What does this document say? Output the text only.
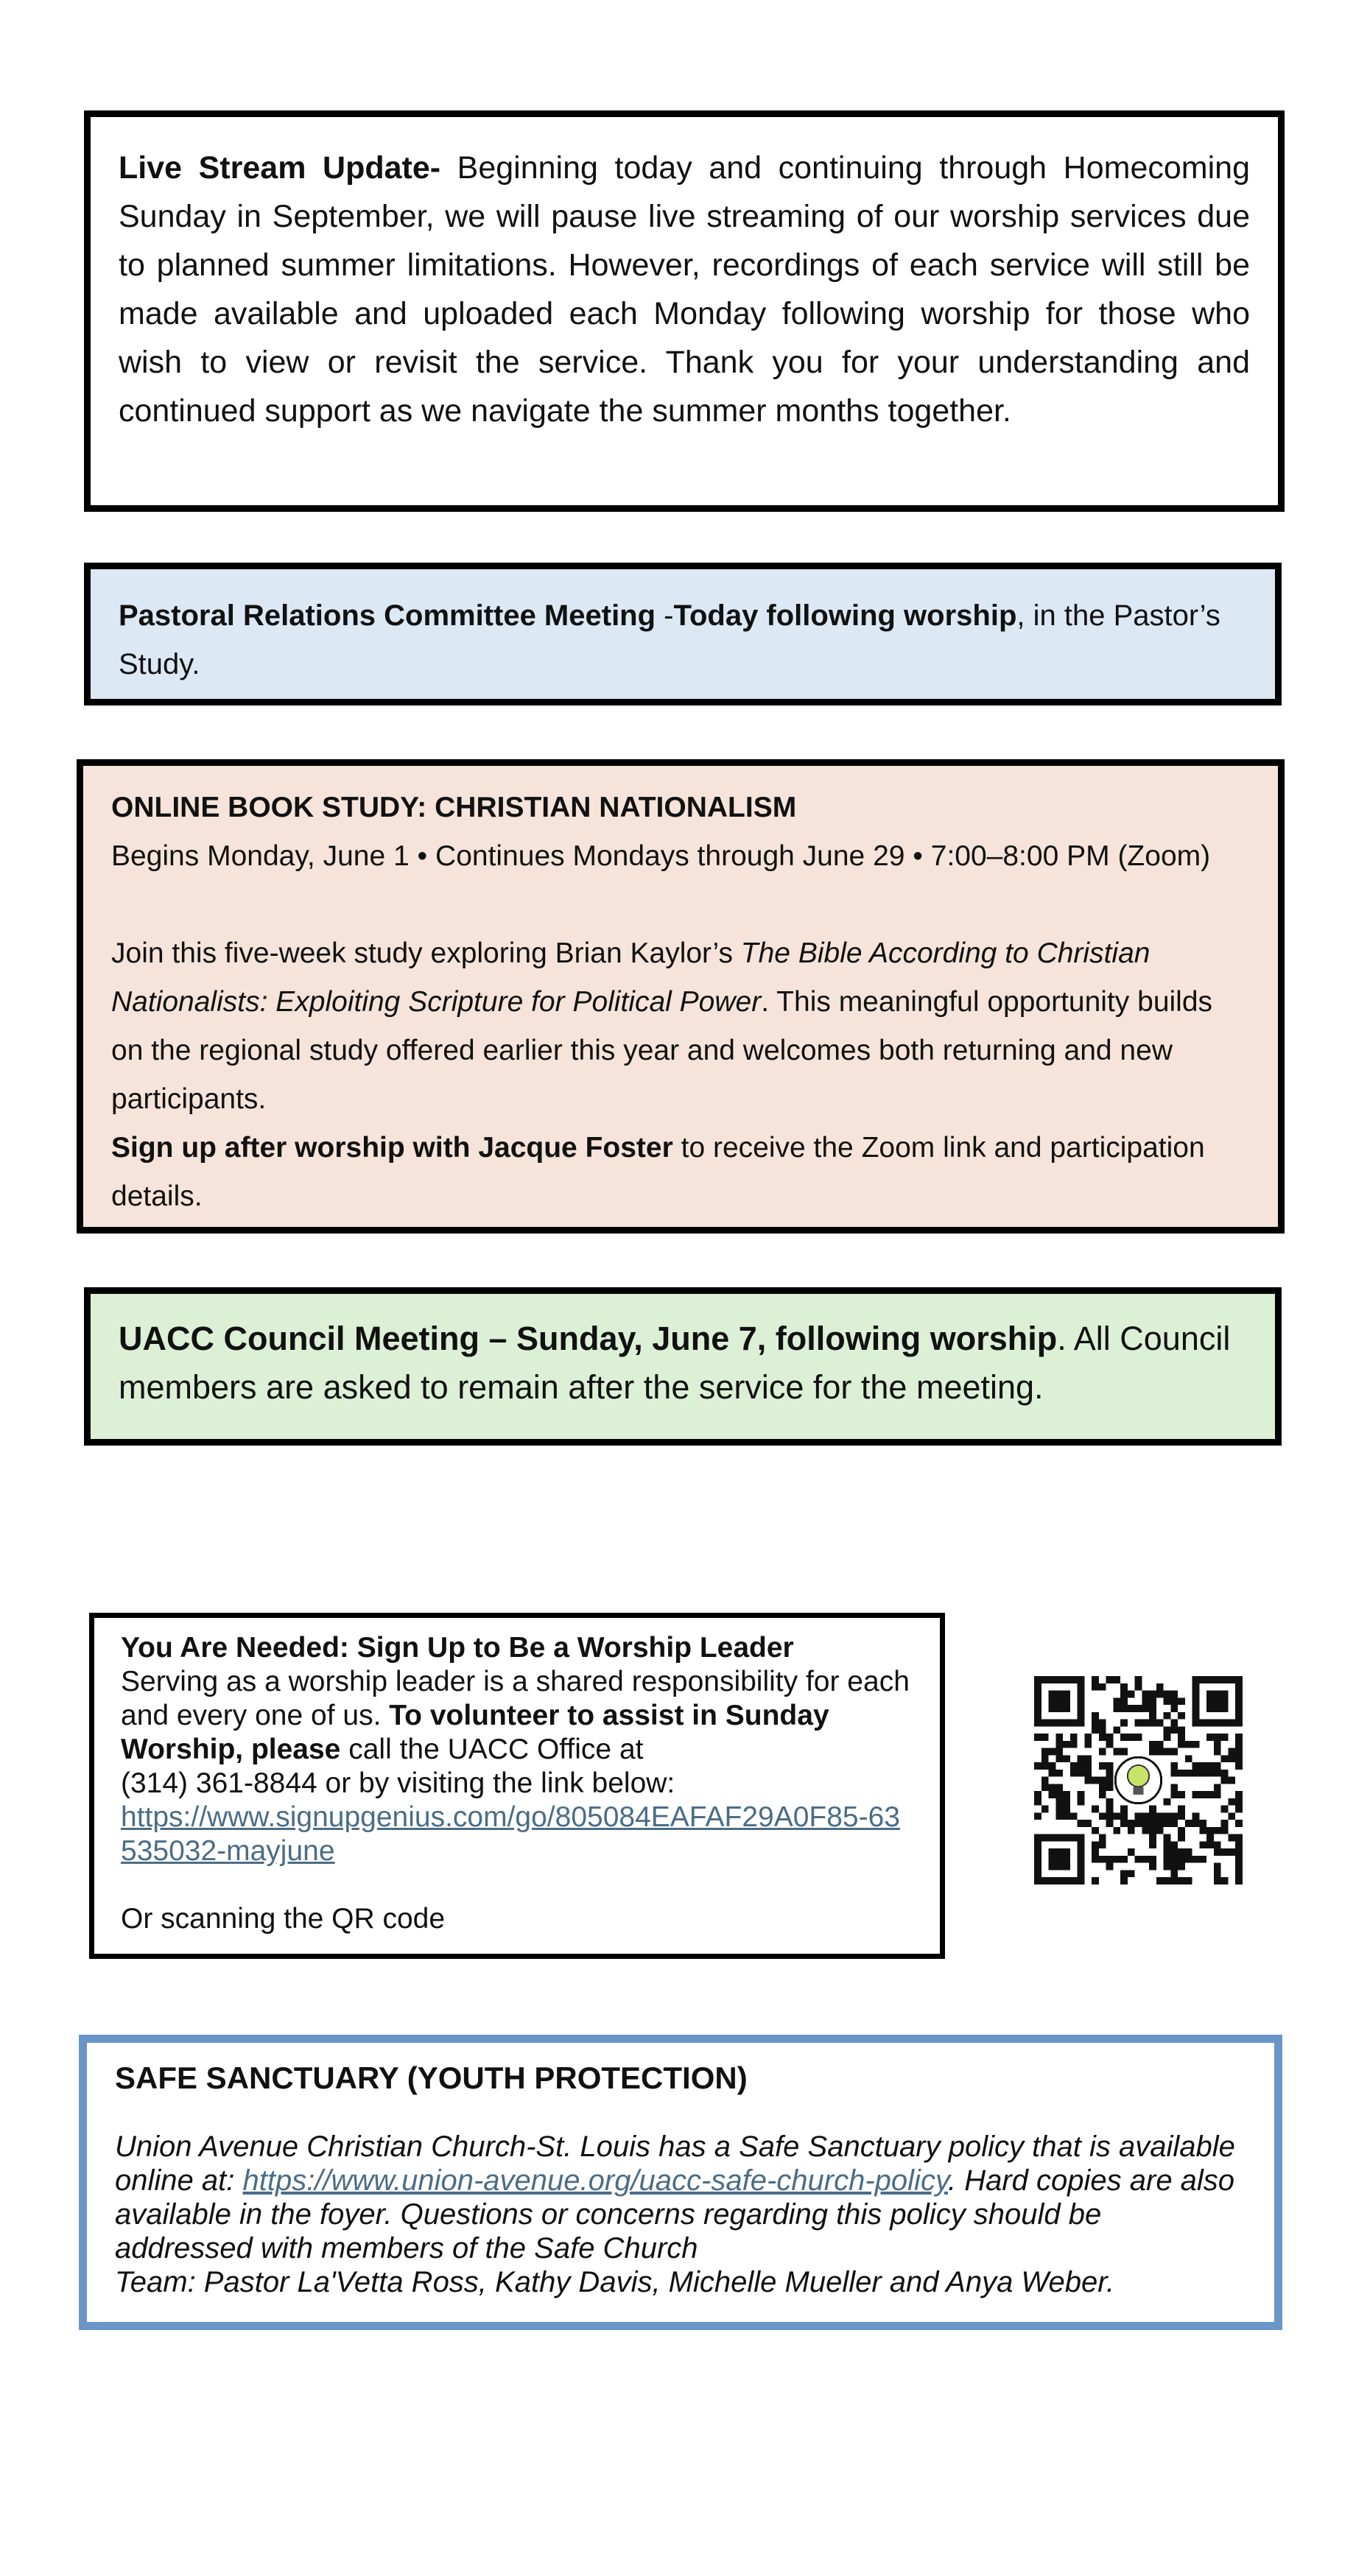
Live Stream Update- Beginning today and continuing through Homecoming Sunday in September, we will pause live streaming of our worship services due to planned summer limitations. However, recordings of each service will still be made available and uploaded each Monday following worship for those who wish to view or revisit the service. Thank you for your understanding and continued support as we navigate the summer months together.

Pastoral Relations Committee Meeting -Today following worship, in the Pastor’s Study.

ONLINE BOOK STUDY: CHRISTIAN NATIONALISM

Begins Monday, June 1 • Continues Mondays through June 29 • 7:00–8:00 PM (Zoom)

Join this five-week study exploring Brian Kaylor’s The Bible According to Christian Nationalists: Exploiting Scripture for Political Power. This meaningful opportunity builds on the regional study offered earlier this year and welcomes both returning and new participants.

Sign up after worship with Jacque Foster to receive the Zoom link and participation details.

UACC Council Meeting – Sunday, June 7, following worship. All Council members are asked to remain after the service for the meeting.

You Are Needed: Sign Up to Be a Worship Leader

Serving as a worship leader is a shared responsibility for each and every one of us. To volunteer to assist in Sunday Worship, please call the UACC Office at

(314) 361-8844 or by visiting the link below:

https://www.signupgenius.com/go/805084EAFAF29A0F85-63535032-mayjune

Or scanning the QR code

SAFE SANCTUARY (YOUTH PROTECTION)

Union Avenue Christian Church-St. Louis has a Safe Sanctuary policy that is available online at: https://www.union-avenue.org/uacc-safe-church-policy. Hard copies are also available in the foyer. Questions or concerns regarding this policy should be addressed with members of the Safe Church

Team: Pastor La'Vetta Ross, Kathy Davis, Michelle Mueller and Anya Weber.
